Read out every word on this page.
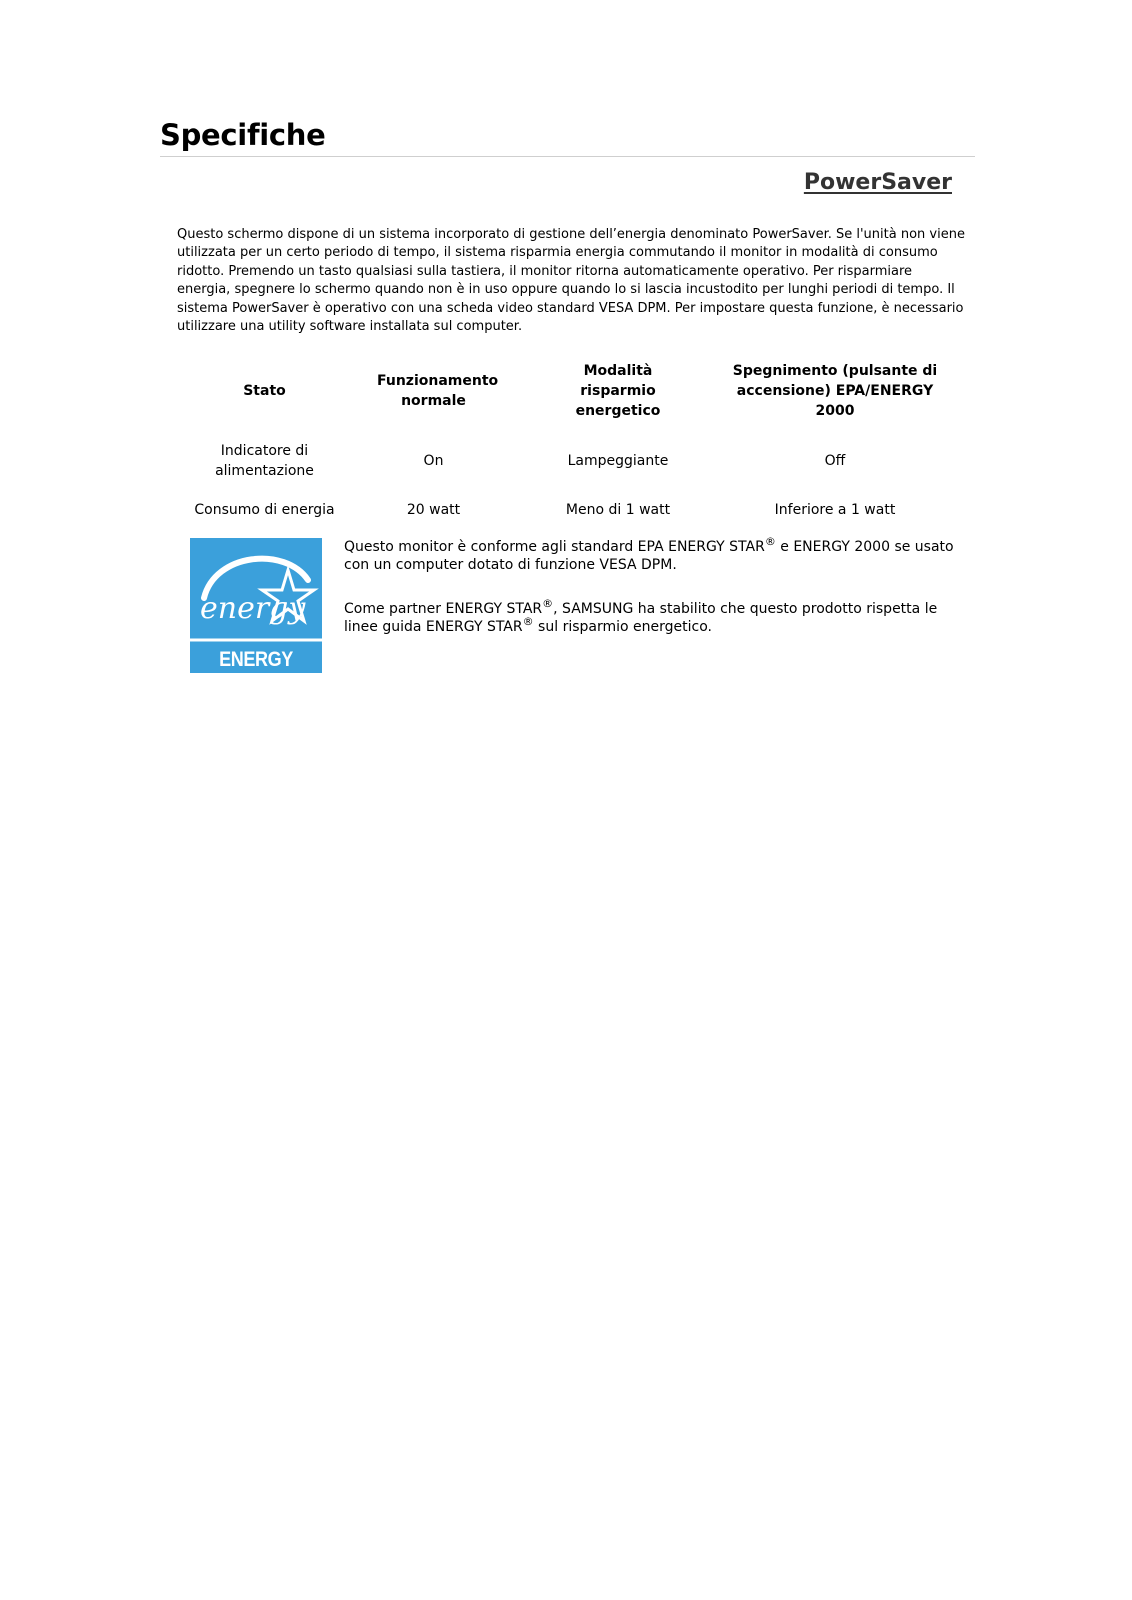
Specifiche
PowerSaver

Questo schermo dispone di un sistema incorporato di gestione dell’energia denominato PowerSaver. Se l'unità non viene utilizzata per un certo periodo di tempo, il sistema risparmia energia commutando il monitor in modalità di consumo ridotto. Premendo un tasto qualsiasi sulla tastiera, il monitor ritorna automaticamente operativo. Per risparmiare energia, spegnere lo schermo quando non è in uso oppure quando lo si lascia incustodito per lunghi periodi di tempo. Il sistema PowerSaver è operativo con una scheda video standard VESA DPM. Per impostare questa funzione, è necessario utilizzare una utility software installata sul computer.

Stato	Funzionamento normale	Modalità risparmio energetico	Spegnimento (pulsante di accensione) EPA/ENERGY 2000
Indicatore di alimentazione	On	Lampeggiante	Off
Consumo di energia	20 watt	Meno di 1 watt	Inferiore a 1 watt
energy
ENERGY STAR

Questo monitor è conforme agli standard EPA ENERGY STAR® e ENERGY 2000 se usato con un computer dotato di funzione VESA DPM.

Come partner ENERGY STAR®, SAMSUNG ha stabilito che questo prodotto rispetta le linee guida ENERGY STAR® sul risparmio energetico.
